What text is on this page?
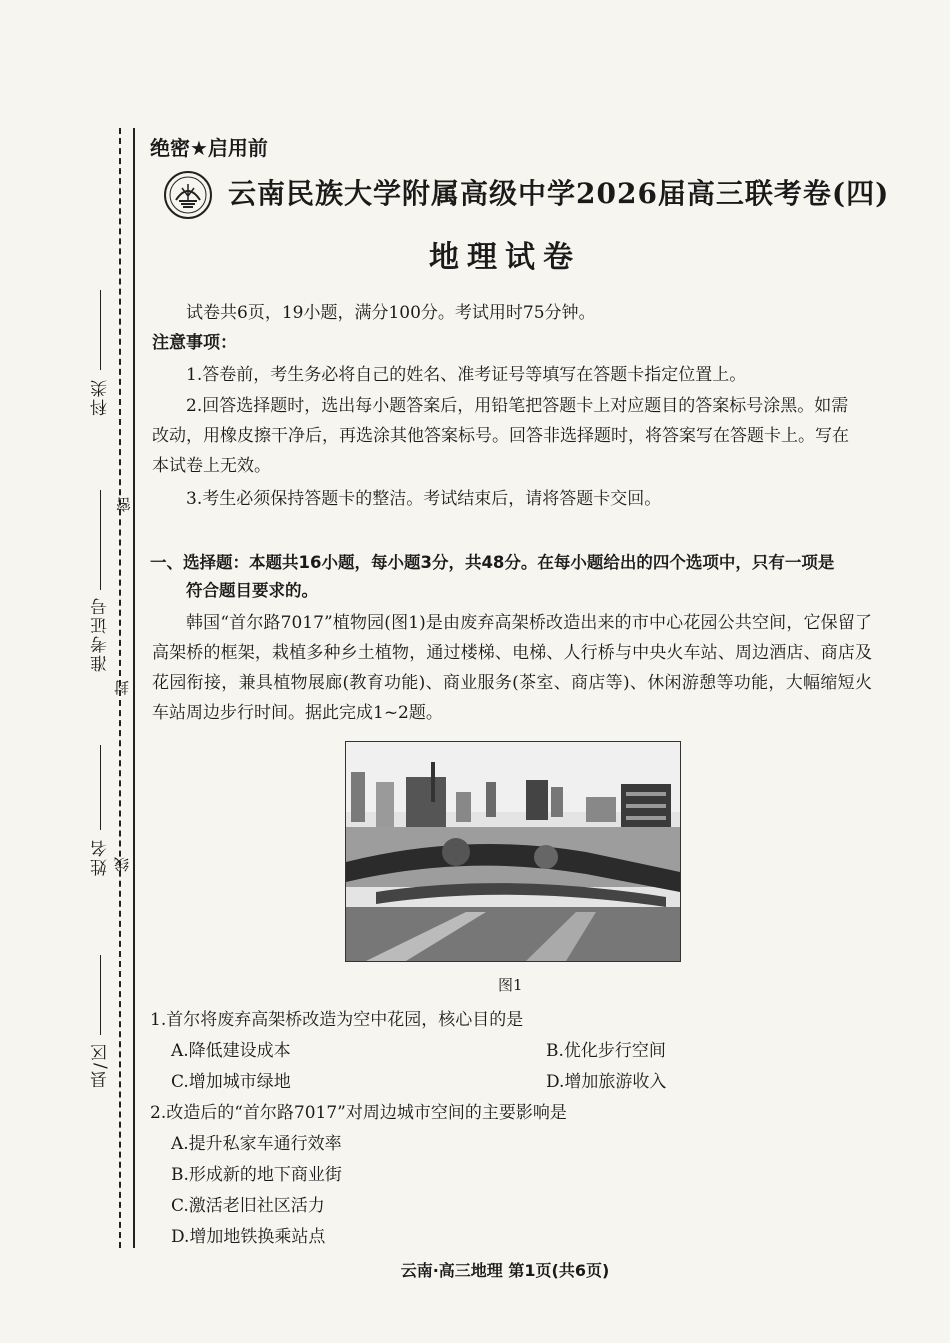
科类
准考证号
姓名
县/区
密
封
线
绝密★启用前
云南民族大学附属高级中学2026届高三联考卷(四)
地理试卷
试卷共6页，19小题，满分100分。考试用时75分钟。
注意事项：
1.答卷前，考生务必将自己的姓名、准考证号等填写在答题卡指定位置上。
2.回答选择题时，选出每小题答案后，用铅笔把答题卡上对应题目的答案标号涂黑。如需
改动，用橡皮擦干净后，再选涂其他答案标号。回答非选择题时，将答案写在答题卡上。写在
本试卷上无效。
3.考生必须保持答题卡的整洁。考试结束后，请将答题卡交回。
一、选择题：本题共16小题，每小题3分，共48分。在每小题给出的四个选项中，只有一项是
符合题目要求的。
韩国“首尔路7017”植物园(图1)是由废弃高架桥改造出来的市中心花园公共空间，它保留了高架桥的框架，栽植多种乡土植物，通过楼梯、电梯、人行桥与中央火车站、周边酒店、商店及花园衔接，兼具植物展廊(教育功能)、商业服务(茶室、商店等)、休闲游憩等功能，大幅缩短火车站周边步行时间。据此完成1~2题。
图1
1.首尔将废弃高架桥改造为空中花园，核心目的是
A.降低建设成本	B.优化步行空间
C.增加城市绿地	D.增加旅游收入
2.改造后的“首尔路7017”对周边城市空间的主要影响是
A.提升私家车通行效率
B.形成新的地下商业街
C.激活老旧社区活力
D.增加地铁换乘站点
云南·高三地理 第1页(共6页)
